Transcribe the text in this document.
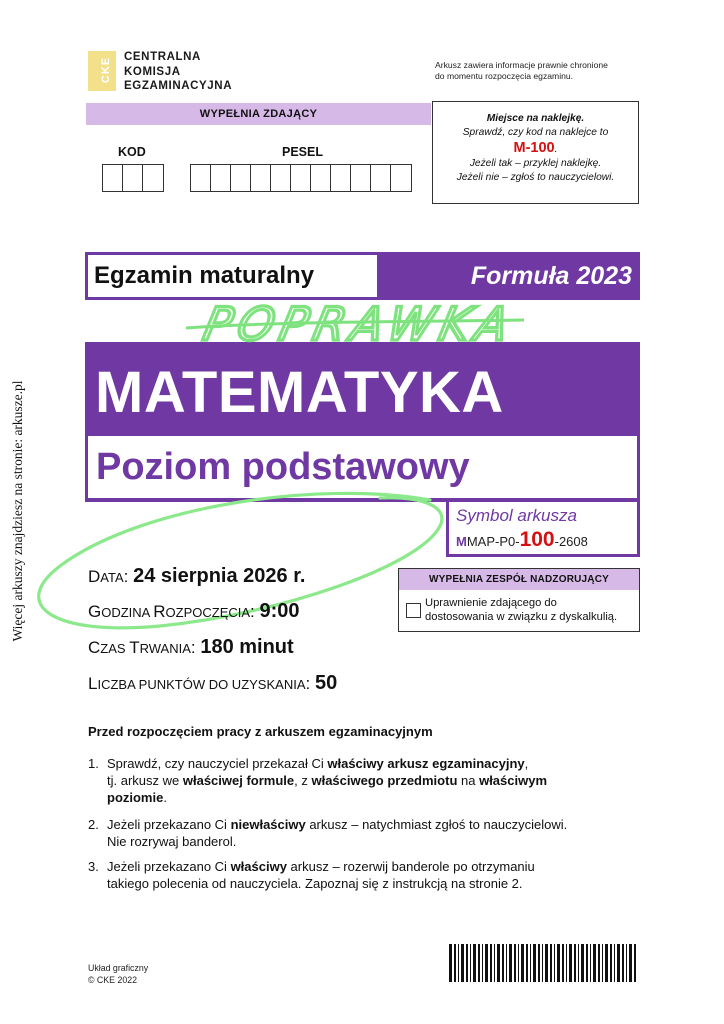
Więcej arkuszy znajdziesz na stronie: arkusze.pl
CKE CENTRALNA
KOMISJA
EGZAMINACYJNA
Arkusz zawiera informacje prawnie chronione
do momentu rozpoczęcia egzaminu.
WYPEŁNIA ZDAJĄCY
KOD	PESEL
Miejsce na naklejkę.
Sprawdź, czy kod na naklejce to
M-100.
Jeżeli tak – przyklej naklejkę.
Jeżeli nie – zgłoś to nauczycielowi.
Egzamin maturalny	Formuła 2023
MATEMATYKA
Poziom podstawowy
POPRAWKA
Symbol arkusza
MMAP-P0-100-2608
DATA: 24 sierpnia 2026 r.
GODZINA ROZPOCZĘCIA: 9:00
CZAS TRWANIA: 180 minut
LICZBA PUNKTÓW DO UZYSKANIA: 50
WYPEŁNIA ZESPÓŁ NADZORUJĄCY
Uprawnienie zdającego do
dostosowania w związku z dyskalkulią.
Przed rozpoczęciem pracy z arkuszem egzaminacyjnym
1. Sprawdź, czy nauczyciel przekazał Ci właściwy arkusz egzaminacyjny,
tj. arkusz we właściwej formule, z właściwego przedmiotu na właściwym
poziomie.
2. Jeżeli przekazano Ci niewłaściwy arkusz – natychmiast zgłoś to nauczycielowi.
Nie rozrywaj banderol.
3. Jeżeli przekazano Ci właściwy arkusz – rozerwij banderole po otrzymaniu
takiego polecenia od nauczyciela. Zapoznaj się z instrukcją na stronie 2.
Układ graficzny
© CKE 2022
